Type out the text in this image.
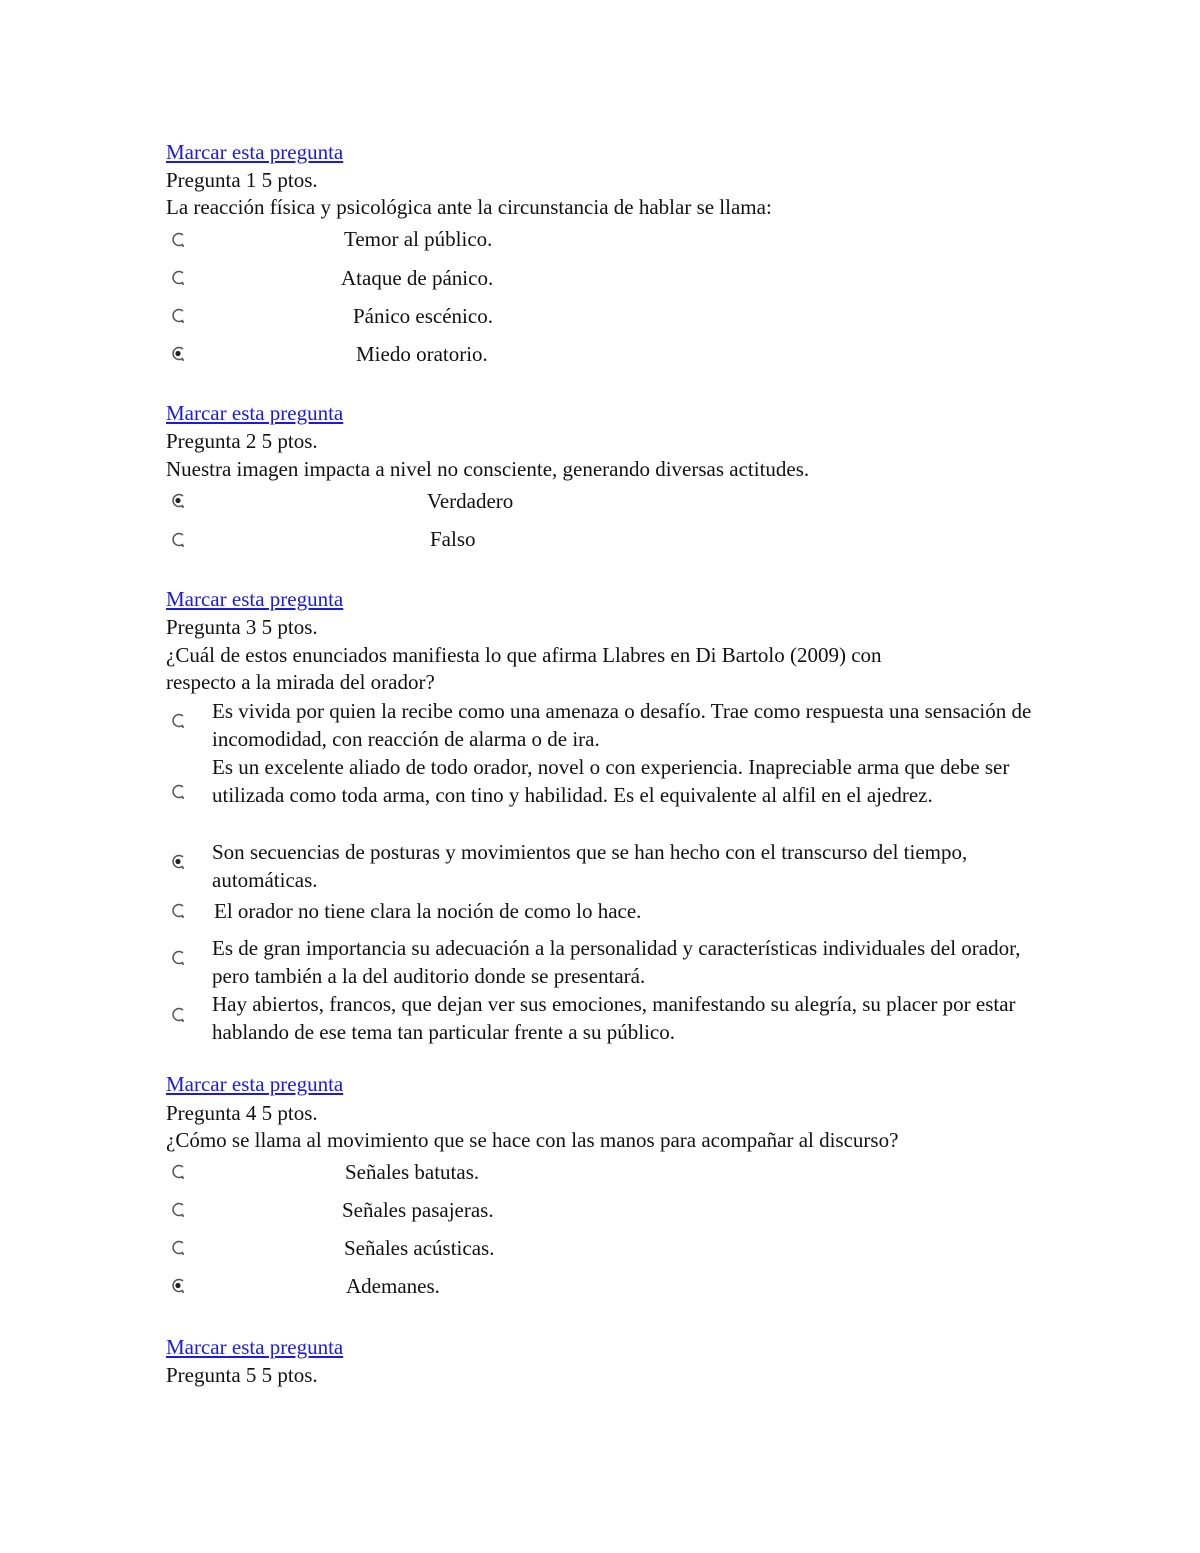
Marcar esta pregunta
Pregunta 1 5 ptos.
La reacción física y psicológica ante la circunstancia de hablar se llama:
Temor al público.
Ataque de pánico.
Pánico escénico.
Miedo oratorio.
Marcar esta pregunta
Pregunta 2 5 ptos.
Nuestra imagen impacta a nivel no consciente, generando diversas actitudes.
Verdadero
Falso
Marcar esta pregunta
Pregunta 3 5 ptos.
¿Cuál de estos enunciados manifiesta lo que afirma Llabres en Di Bartolo (2009) con
respecto a la mirada del orador?
Es vivida por quien la recibe como una amenaza o desafío. Trae como respuesta una sensación de incomodidad, con reacción de alarma o de ira.
Es un excelente aliado de todo orador, novel o con experiencia. Inapreciable arma que debe ser utilizada como toda arma, con tino y habilidad. Es el equivalente al alfil en el ajedrez.
Son secuencias de posturas y movimientos que se han hecho con el transcurso del tiempo, automáticas.
El orador no tiene clara la noción de como lo hace.
Es de gran importancia su adecuación a la personalidad y características individuales del orador, pero también a la del auditorio donde se presentará.
Hay abiertos, francos, que dejan ver sus emociones, manifestando su alegría, su placer por estar hablando de ese tema tan particular frente a su público.
Marcar esta pregunta
Pregunta 4 5 ptos.
¿Cómo se llama al movimiento que se hace con las manos para acompañar al discurso?
Señales batutas.
Señales pasajeras.
Señales acústicas.
Ademanes.
Marcar esta pregunta
Pregunta 5 5 ptos.
